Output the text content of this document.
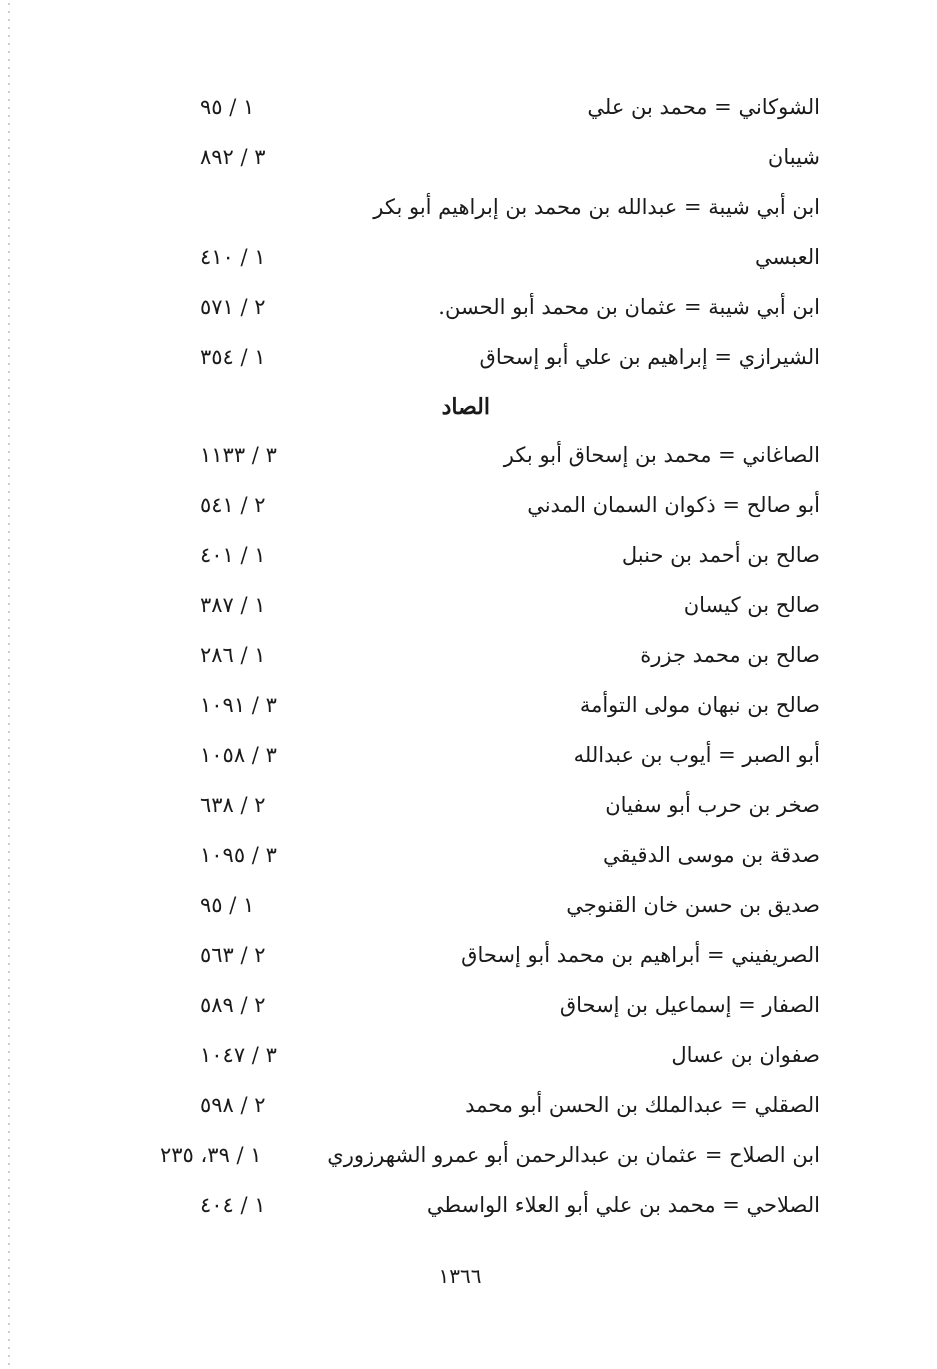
الشوكاني = محمد بن علي
١ / ٩٥
شيبان
٣ / ٨٩٢
ابن أبي شيبة = عبدالله بن محمد بن إبراهيم أبو بكر
العبسي
١ / ٤١٠
ابن أبي شيبة = عثمان بن محمد أبو الحسن.
٢ / ٥٧١
الشيرازي = إبراهيم بن علي أبو إسحاق
١ / ٣٥٤
الصاد
الصاغاني = محمد بن إسحاق أبو بكر
٣ / ١١٣٣
أبو صالح = ذكوان السمان المدني
٢ / ٥٤١
صالح بن أحمد بن حنبل
١ / ٤٠١
صالح بن كيسان
١ / ٣٨٧
صالح بن محمد جزرة
١ / ٢٨٦
صالح بن نبهان مولى التوأمة
٣ / ١٠٩١
أبو الصبر = أيوب بن عبدالله
٣ / ١٠٥٨
صخر بن حرب أبو سفيان
٢ / ٦٣٨
صدقة بن موسى الدقيقي
٣ / ١٠٩٥
صديق بن حسن خان القنوجي
١ / ٩٥
الصريفيني = أبراهيم بن محمد أبو إسحاق
٢ / ٥٦٣
الصفار = إسماعيل بن إسحاق
٢ / ٥٨٩
صفوان بن عسال
٣ / ١٠٤٧
الصقلي = عبدالملك بن الحسن أبو محمد
٢ / ٥٩٨
ابن الصلاح = عثمان بن عبدالرحمن أبو عمرو الشهرزوري
١ / ٣٩، ٢٣٥
الصلاحي = محمد بن علي أبو العلاء الواسطي
١ / ٤٠٤
١٣٦٦
